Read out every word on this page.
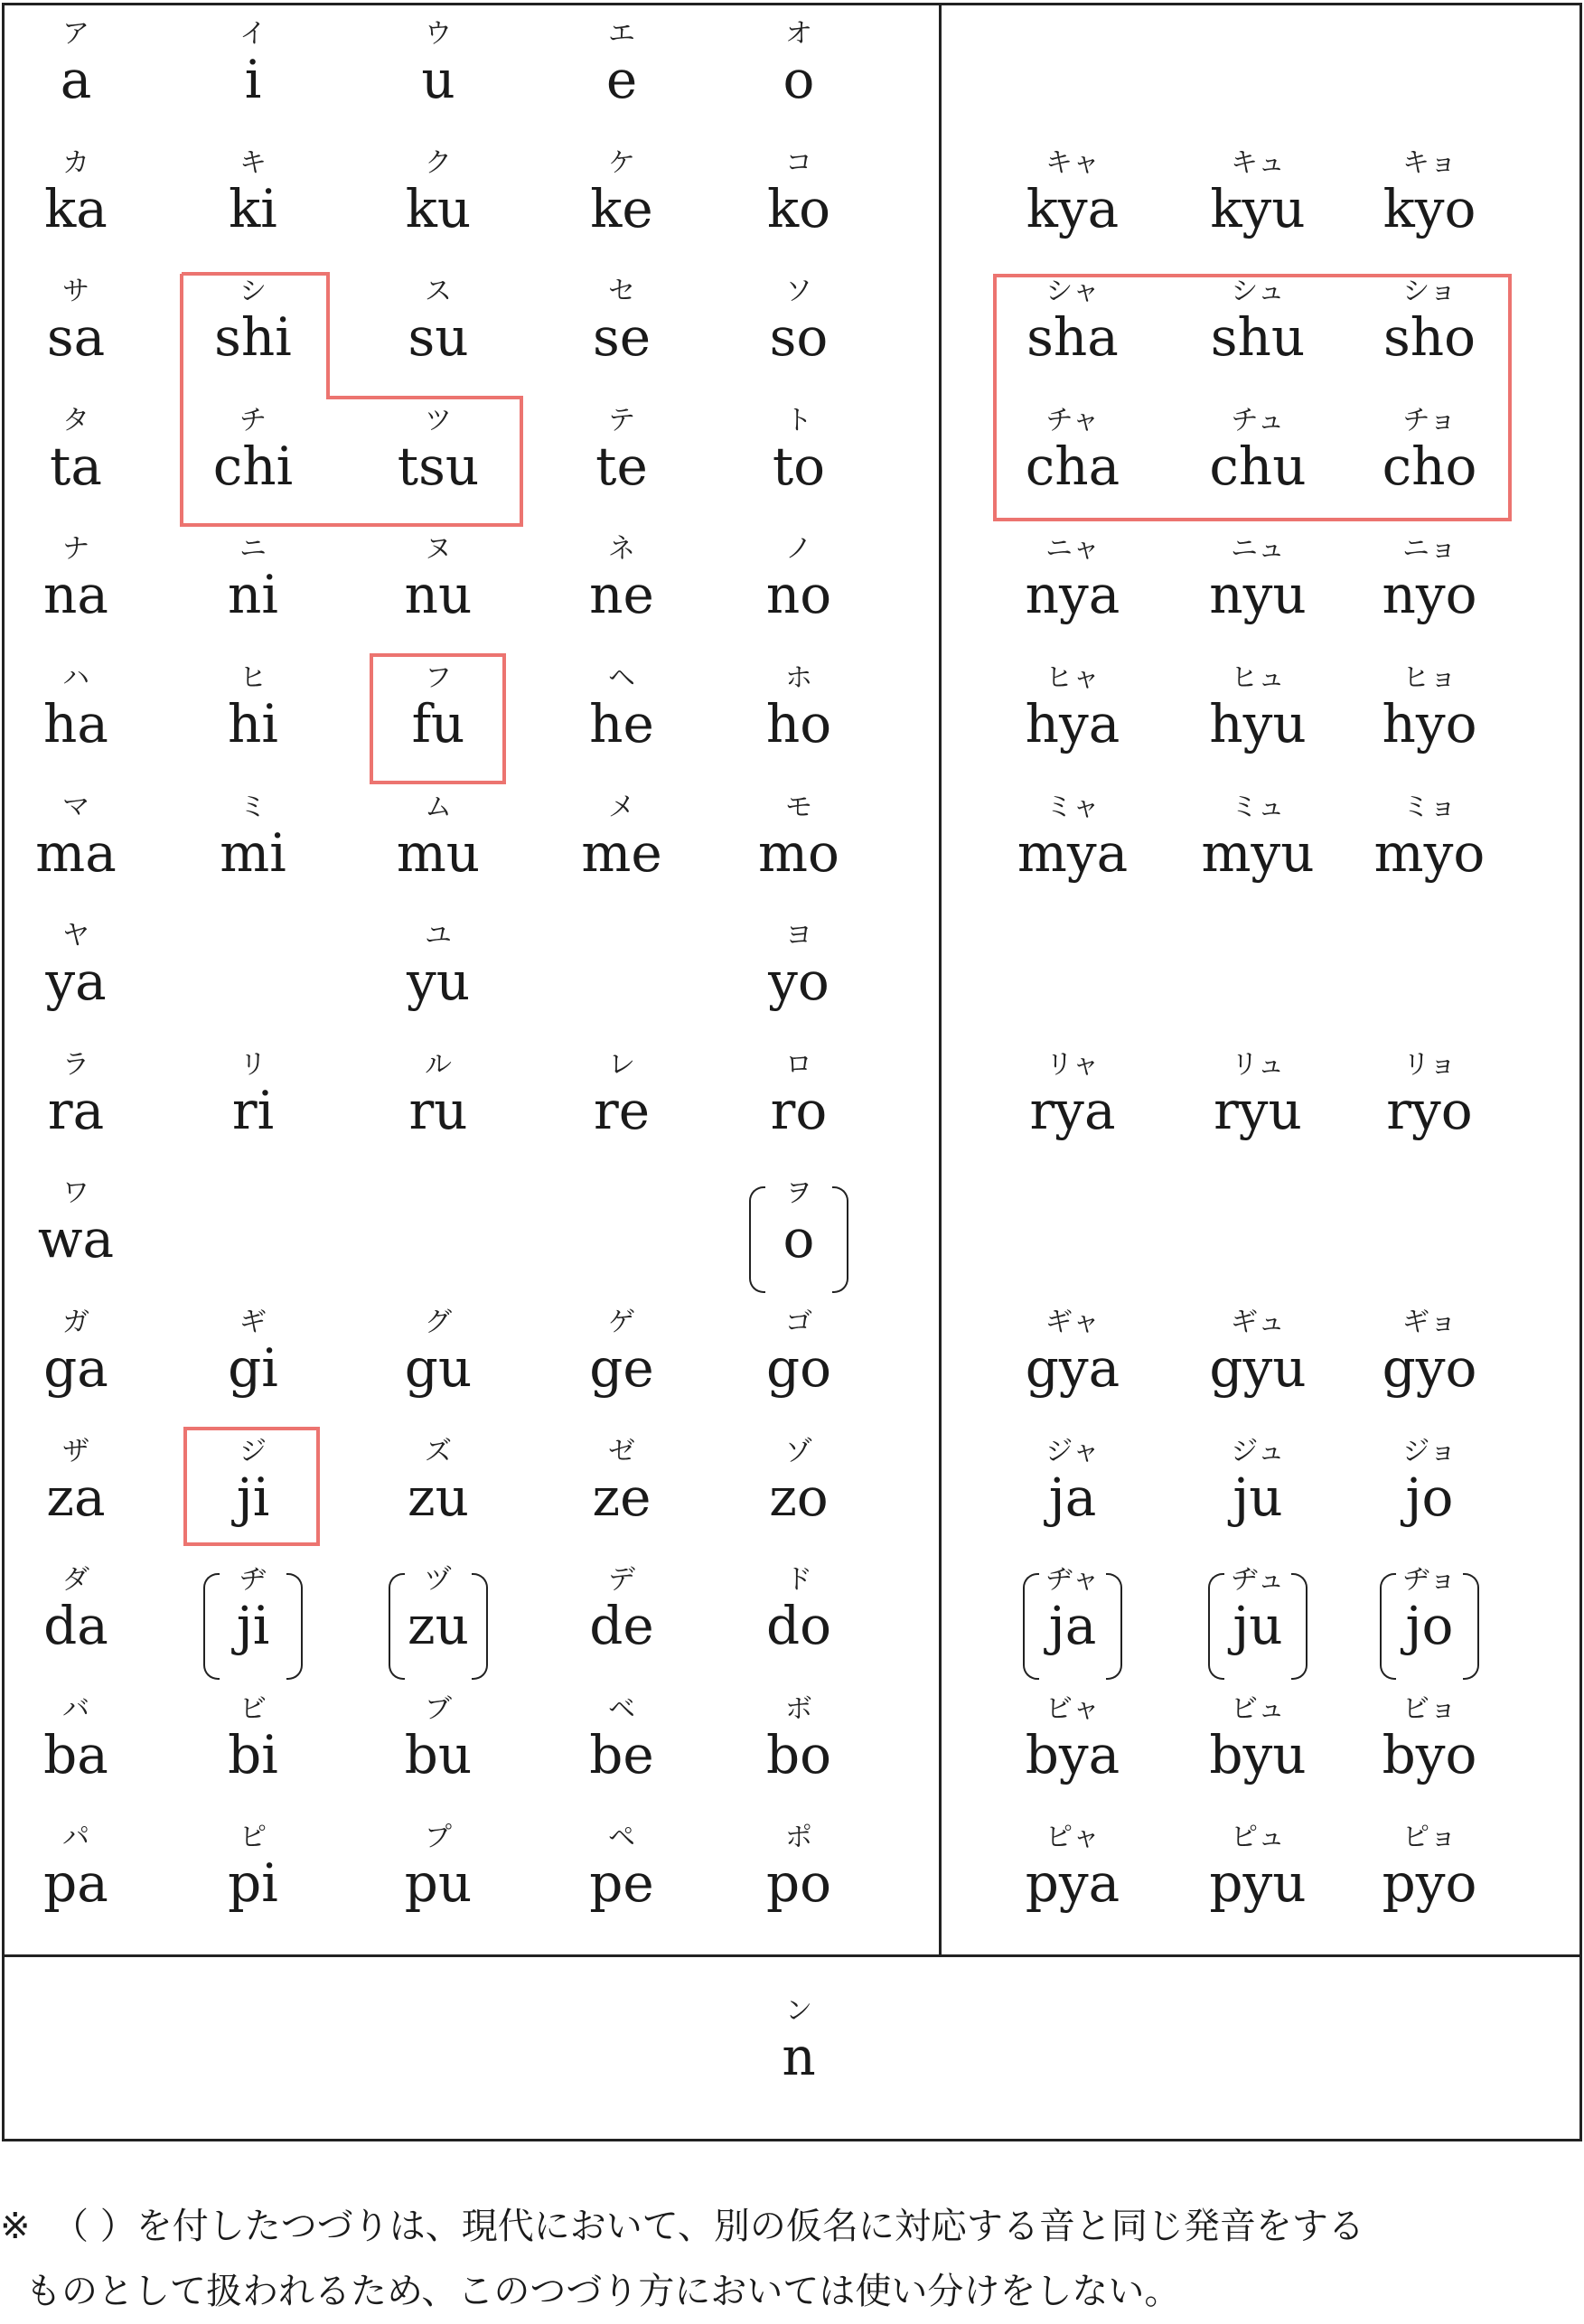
ア
a
イ
i
ウ
u
エ
e
オ
o
カ
ka
キ
ki
ク
ku
ケ
ke
コ
ko
キャ
kya
キュ
kyu
キョ
kyo
サ
sa
シ
shi
ス
su
セ
se
ソ
so
シャ
sha
シュ
shu
ショ
sho
タ
ta
チ
chi
ツ
tsu
テ
te
ト
to
チャ
cha
チュ
chu
チョ
cho
ナ
na
ニ
ni
ヌ
nu
ネ
ne
ノ
no
ニャ
nya
ニュ
nyu
ニョ
nyo
ハ
ha
ヒ
hi
フ
fu
ヘ
he
ホ
ho
ヒャ
hya
ヒュ
hyu
ヒョ
hyo
マ
ma
ミ
mi
ム
mu
メ
me
モ
mo
ミャ
mya
ミュ
myu
ミョ
myo
ヤ
ya
ユ
yu
ヨ
yo
ラ
ra
リ
ri
ル
ru
レ
re
ロ
ro
リャ
rya
リュ
ryu
リョ
ryo
ワ
wa
ヲ
o
ガ
ga
ギ
gi
グ
gu
ゲ
ge
ゴ
go
ギャ
gya
ギュ
gyu
ギョ
gyo
ザ
za
ジ
ji
ズ
zu
ゼ
ze
ゾ
zo
ジャ
ja
ジュ
ju
ジョ
jo
ダ
da
ヂ
ji
ヅ
zu
デ
de
ド
do
ヂャ
ja
ヂュ
ju
ヂョ
jo
バ
ba
ビ
bi
ブ
bu
ベ
be
ボ
bo
ビャ
bya
ビュ
byu
ビョ
byo
パ
pa
ピ
pi
プ
pu
ペ
pe
ポ
po
ピャ
pya
ピュ
pyu
ピョ
pyo
ン
n
※ （ ）を付したつづりは、現代において、別の仮名に対応する音と同じ発音をする
ものとして扱われるため、このつづり方においては使い分けをしない。
